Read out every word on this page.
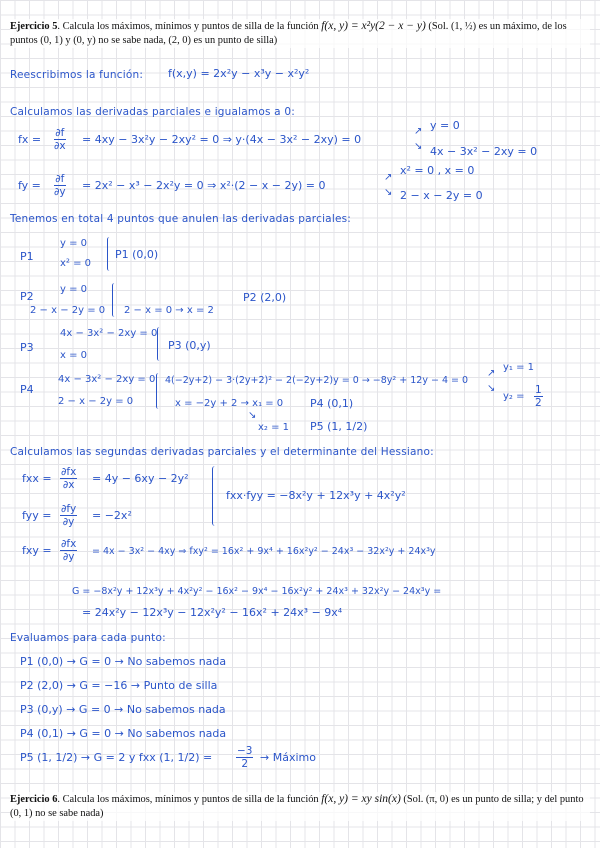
Ejercicio 5. Calcula los máximos, mínimos y puntos de silla de la función f(x, y) = x²y(2 − x − y) (Sol. (1, ½) es un máximo, de los puntos (0, 1) y (0, y) no se sabe nada, (2, 0) es un punto de silla)
Reescribimos la función: f(x,y) = 2x²y − x³y − x²y²
Calculamos las derivadas parciales e igualamos a 0:
fx = $\frac{\partial f}{\partial x} = 4xy - 3x^2y - 2xy^2 = 0$ ⇒ y·(4x − 3x² − 2xy) = 0
↗
↘
y = 0
4x − 3x² − 2xy = 0
fy = $\frac{\partial f}{\partial y} = 2x^2 - x^3 - 2x^2y = 0$ ⇒ x²·(2 − x − 2y) = 0
↗
↘
x² = 0 , x = 0
2 − x − 2y = 0
Tenemos en total 4 puntos que anulen las derivadas parciales:
P1
y = 0
x² = 0
P1 (0,0)
P2
y = 0
2 − x − 2y = 0 2 − x = 0 → x = 2
P2 (2,0)
P3
4x − 3x² − 2xy = 0
x = 0
P3 (0,y)
P4
4x − 3x² − 2xy = 0
2 − x − 2y = 0
4(−2y+2) − 3·(2y+2)² − 2(−2y+2)y = 0 → −8y² + 12y − 4 = 0
↗
↘
y₁ = 1
$y_2 = \frac{1}{2}$
x = −2y + 2 → x₁ = 0 P4 (0,1)
↘
x₂ = 1 P5 (1, 1/2)
Calculamos las segundas derivadas parciales y el determinante del Hessiano:
fxx = $\frac{\partial fx}{\partial x} = 4y - 6xy - 2y^2$
fyy = $\frac{\partial fy}{\partial y} = -2x^2$
fxx·fyy = −8x²y + 12x³y + 4x²y²
fxy = $\frac{\partial fx}{\partial y} = 4x - 3x^2 - 4xy$ ⇒ fxy² = 16x² + 9x⁴ + 16x²y² − 24x³ − 32x²y + 24x³y
G = −8x²y + 12x³y + 4x²y² − 16x² − 9x⁴ − 16x²y² + 24x³ + 32x²y − 24x³y =
= 24x²y − 12x³y − 12x²y² − 16x² + 24x³ − 9x⁴
Evaluamos para cada punto:
P1 (0,0) → G = 0 → No sabemos nada
P2 (2,0) → G = −16 → Punto de silla
P3 (0,y) → G = 0 → No sabemos nada
P4 (0,1) → G = 0 → No sabemos nada
P5 (1, 1/2) → G = 2 y fxx (1, $1/2) = \frac{-3}{2}$ → Máximo
Ejercicio 6. Calcula los máximos, mínimos y puntos de silla de la función f(x, y) = xy sin(x) (Sol. (π, 0) es un punto de silla; y del punto (0, 1) no se sabe nada)
